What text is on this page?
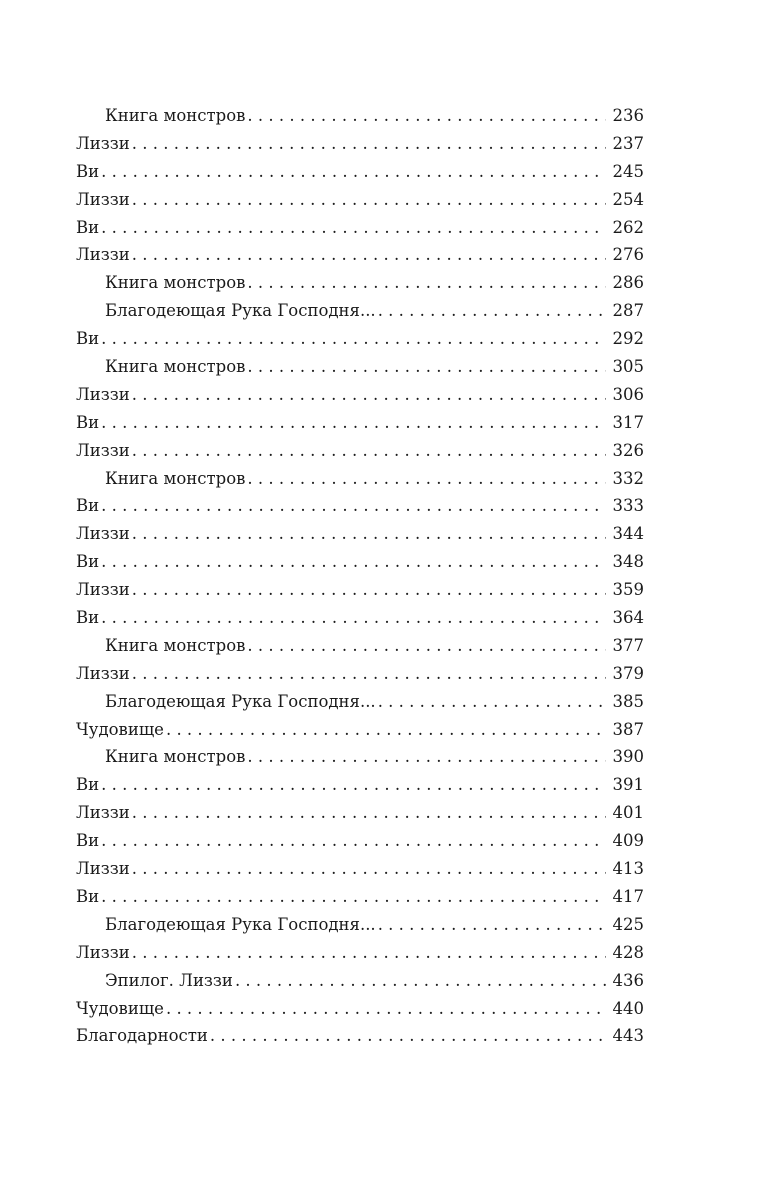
Книга монстров . . .	236
Лиззи . . .	237
Ви . . .	245
Лиззи . . .	254
Ви . . .	262
Лиззи . . .	276
Книга монстров . . .	286
Благодеющая Рука Господня... . . .	287
Ви . . .	292
Книга монстров . . .	305
Лиззи . . .	306
Ви . . .	317
Лиззи . . .	326
Книга монстров . . .	332
Ви . . .	333
Лиззи . . .	344
Ви . . .	348
Лиззи . . .	359
Ви . . .	364
Книга монстров . . .	377
Лиззи . . .	379
Благодеющая Рука Господня... . . .	385
Чудовище . . .	387
Книга монстров . . .	390
Ви . . .	391
Лиззи . . .	401
Ви . . .	409
Лиззи . . .	413
Ви . . .	417
Благодеющая Рука Господня... . . .	425
Лиззи . . .	428
Эпилог. Лиззи . . .	436
Чудовище . . .	440
Благодарности . . .	443
